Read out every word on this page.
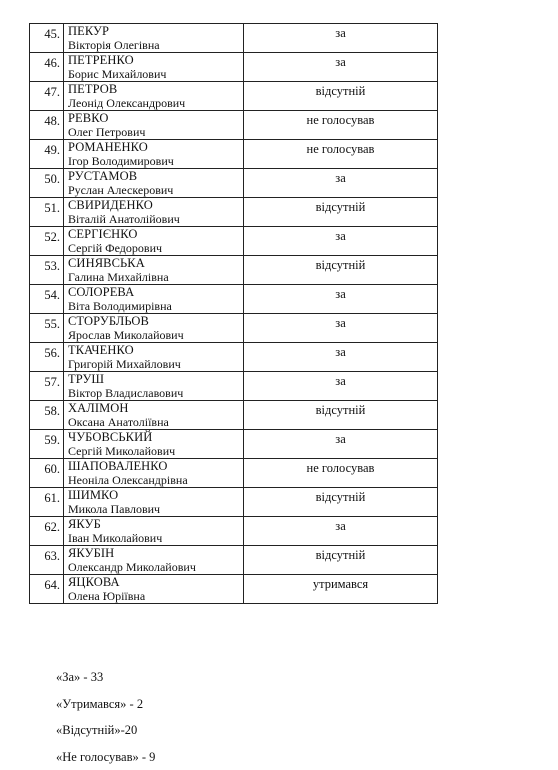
45.	ПЕКУР
Вікторія Олегівна	за
46.	ПЕТРЕНКО
Борис Михайлович	за
47.	ПЕТРОВ
Леонід Олександрович	відсутній
48.	РЕВКО
Олег Петрович	не голосував
49.	РОМАНЕНКО
Ігор Володимирович	не голосував
50.	РУСТАМОВ
Руслан Алескерович	за
51.	СВИРИДЕНКО
Віталій Анатолійович	відсутній
52.	СЕРГІЄНКО
Сергій Федорович	за
53.	СИНЯВСЬКА
Галина Михайлівна	відсутній
54.	СОЛОРЕВА
Віта Володимирівна	за
55.	СТОРУБЛЬОВ
Ярослав Миколайович	за
56.	ТКАЧЕНКО
Григорій Михайлович	за
57.	ТРУШ
Віктор Владиславович	за
58.	ХАЛІМОН
Оксана Анатоліївна	відсутній
59.	ЧУБОВСЬКИЙ
Сергій Миколайович	за
60.	ШАПОВАЛЕНКО
Неоніла Олександрівна	не голосував
61.	ШИМКО
Микола Павлович	відсутній
62.	ЯКУБ
Іван Миколайович	за
63.	ЯКУБІН
Олександр Миколайович	відсутній
64.	ЯЦКОВА
Олена Юріївна	утримався
«За» - 33
«Утримався» - 2
«Відсутній»-20
«Не голосував» - 9
